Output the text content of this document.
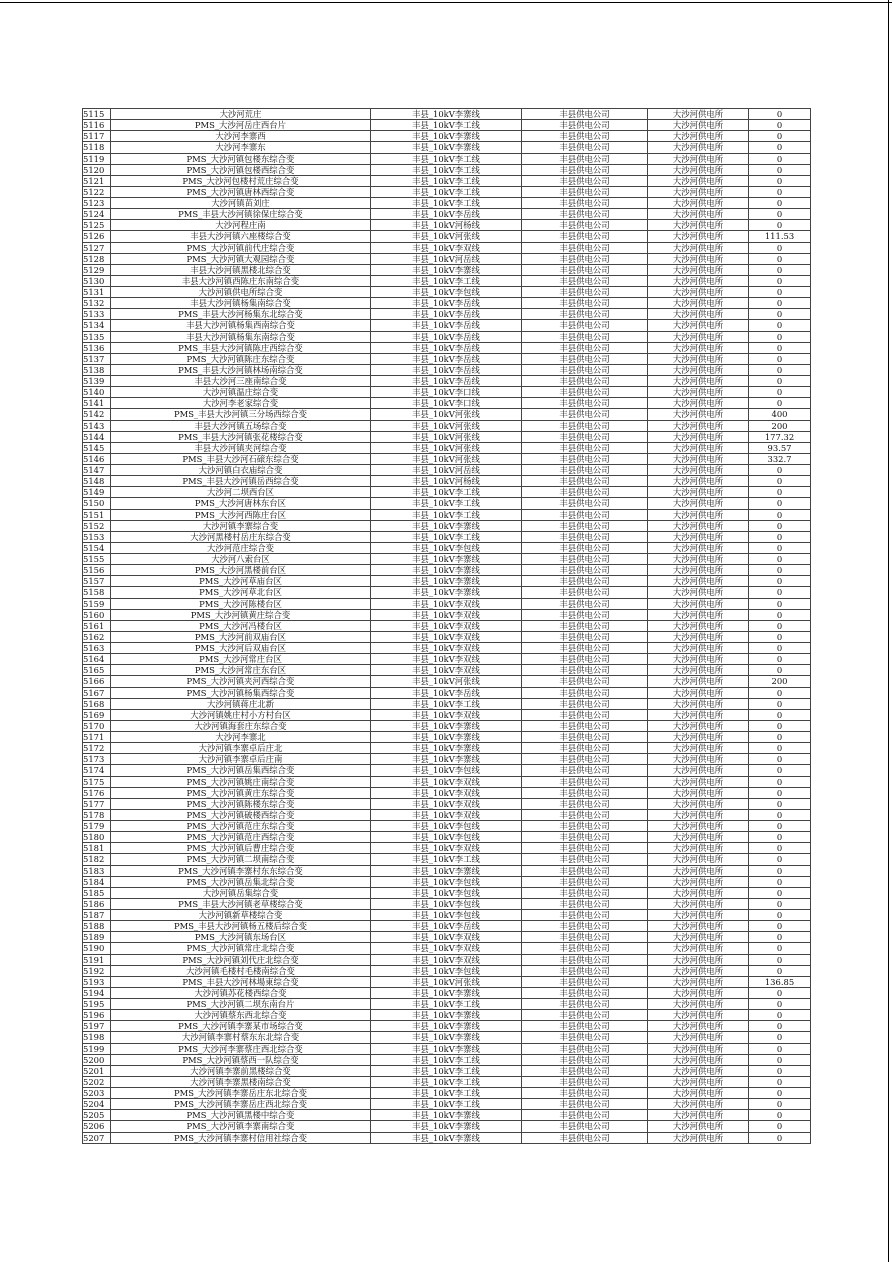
5115	大沙河荒庄	丰县_10kV李寨线	丰县供电公司	大沙河供电所	0
5116	PMS_大沙河岳庄西台片	丰县_10kV李工线	丰县供电公司	大沙河供电所	0
5117	大沙河李寨西	丰县_10kV李寨线	丰县供电公司	大沙河供电所	0
5118	大沙河李寨东	丰县_10kV李寨线	丰县供电公司	大沙河供电所	0
5119	PMS_大沙河镇包楼东综合变	丰县_10kV李工线	丰县供电公司	大沙河供电所	0
5120	PMS_大沙河镇包楼西综合变	丰县_10kV李工线	丰县供电公司	大沙河供电所	0
5121	PMS_大沙河包楼村荒庄综合变	丰县_10kV李工线	丰县供电公司	大沙河供电所	0
5122	PMS_大沙河镇唐林西综合变	丰县_10kV李工线	丰县供电公司	大沙河供电所	0
5123	大沙河镇苗刘庄	丰县_10kV李工线	丰县供电公司	大沙河供电所	0
5124	PMS_丰县大沙河镇徐保庄综合变	丰县_10kV李岳线	丰县供电公司	大沙河供电所	0
5125	大沙河程庄南	丰县_10kV河杨线	丰县供电公司	大沙河供电所	0
5126	丰县大沙河镇六座楼综合变	丰县_10kV河张线	丰县供电公司	大沙河供电所	111.53
5127	PMS_大沙河镇前代庄综合变	丰县_10kV李双线	丰县供电公司	大沙河供电所	0
5128	PMS_大沙河镇大观园综合变	丰县_10kV河岳线	丰县供电公司	大沙河供电所	0
5129	丰县大沙河镇黑楼北综合变	丰县_10kV李寨线	丰县供电公司	大沙河供电所	0
5130	丰县大沙河镇西陈庄东南综合变	丰县_10kV李工线	丰县供电公司	大沙河供电所	0
5131	大沙河镇供电所综合变	丰县_10kV李包线	丰县供电公司	大沙河供电所	0
5132	丰县大沙河镇杨集南综合变	丰县_10kV李岳线	丰县供电公司	大沙河供电所	0
5133	PMS_丰县大沙河杨集东北综合变	丰县_10kV李岳线	丰县供电公司	大沙河供电所	0
5134	丰县大沙河镇杨集西南综合变	丰县_10kV李岳线	丰县供电公司	大沙河供电所	0
5135	丰县大沙河镇杨集东南综合变	丰县_10kV李岳线	丰县供电公司	大沙河供电所	0
5136	PMS_丰县大沙河镇陈庄西综合变	丰县_10kV李岳线	丰县供电公司	大沙河供电所	0
5137	PMS_大沙河镇陈庄东综合变	丰县_10kV李岳线	丰县供电公司	大沙河供电所	0
5138	PMS_丰县大沙河镇林场南综合变	丰县_10kV李岳线	丰县供电公司	大沙河供电所	0
5139	丰县大沙河三座南综合变	丰县_10kV李岳线	丰县供电公司	大沙河供电所	0
5140	大沙河镇温庄综合变	丰县_10kV李口线	丰县供电公司	大沙河供电所	0
5141	大沙河李老家综合变	丰县_10kV李口线	丰县供电公司	大沙河供电所	0
5142	PMS_丰县大沙河镇三分场西综合变	丰县_10kV河张线	丰县供电公司	大沙河供电所	400
5143	丰县大沙河镇五场综合变	丰县_10kV河张线	丰县供电公司	大沙河供电所	200
5144	PMS_丰县大沙河镇张花楼综合变	丰县_10kV河张线	丰县供电公司	大沙河供电所	177.32
5145	丰县大沙河镇夹河综合变	丰县_10kV河张线	丰县供电公司	大沙河供电所	93.57
5146	PMS_丰县大沙河石磙东综合变	丰县_10kV河张线	丰县供电公司	大沙河供电所	332.7
5147	大沙河镇白衣庙综合变	丰县_10kV河岳线	丰县供电公司	大沙河供电所	0
5148	PMS_丰县大沙河镇岳西综合变	丰县_10kV河杨线	丰县供电公司	大沙河供电所	0
5149	大沙河二坝西台区	丰县_10kV李工线	丰县供电公司	大沙河供电所	0
5150	PMS_大沙河唐林东台区	丰县_10kV李工线	丰县供电公司	大沙河供电所	0
5151	PMS_大沙河西陈庄台区	丰县_10kV李工线	丰县供电公司	大沙河供电所	0
5152	大沙河镇李寨综合变	丰县_10kV李寨线	丰县供电公司	大沙河供电所	0
5153	大沙河黑楼村岳庄东综合变	丰县_10kV李工线	丰县供电公司	大沙河供电所	0
5154	大沙河范庄综合变	丰县_10kV李包线	丰县供电公司	大沙河供电所	0
5155	大沙河八索台区	丰县_10kV李寨线	丰县供电公司	大沙河供电所	0
5156	PMS_大沙河黑楼前台区	丰县_10kV李寨线	丰县供电公司	大沙河供电所	0
5157	PMS_大沙河草庙台区	丰县_10kV李寨线	丰县供电公司	大沙河供电所	0
5158	PMS_大沙河草北台区	丰县_10kV李寨线	丰县供电公司	大沙河供电所	0
5159	PMS_大沙河陈楼台区	丰县_10kV李双线	丰县供电公司	大沙河供电所	0
5160	PMS_大沙河镇黄庄综合变	丰县_10kV李双线	丰县供电公司	大沙河供电所	0
5161	PMS_大沙河冯楼台区	丰县_10kV李双线	丰县供电公司	大沙河供电所	0
5162	PMS_大沙河前双庙台区	丰县_10kV李双线	丰县供电公司	大沙河供电所	0
5163	PMS_大沙河后双庙台区	丰县_10kV李双线	丰县供电公司	大沙河供电所	0
5164	PMS_大沙河常庄台区	丰县_10kV李双线	丰县供电公司	大沙河供电所	0
5165	PMS_大沙河常庄东台区	丰县_10kV李双线	丰县供电公司	大沙河供电所	0
5166	PMS_大沙河镇夹河西综合变	丰县_10kV河张线	丰县供电公司	大沙河供电所	200
5167	PMS_大沙河镇杨集西综合变	丰县_10kV李岳线	丰县供电公司	大沙河供电所	0
5168	大沙河镇蒋庄北新	丰县_10kV李工线	丰县供电公司	大沙河供电所	0
5169	大沙河镇姚庄村小方村台区	丰县_10kV李双线	丰县供电公司	大沙河供电所	0
5170	大沙河镇海套庄东综合变	丰县_10kV李寨线	丰县供电公司	大沙河供电所	0
5171	大沙河李寨北	丰县_10kV李寨线	丰县供电公司	大沙河供电所	0
5172	大沙河镇李寨卓后庄北	丰县_10kV李寨线	丰县供电公司	大沙河供电所	0
5173	大沙河镇李寨卓后庄南	丰县_10kV李寨线	丰县供电公司	大沙河供电所	0
5174	PMS_大沙河镇岳集西综合变	丰县_10kV李包线	丰县供电公司	大沙河供电所	0
5175	PMS_大沙河镇姚庄南综合变	丰县_10kV李双线	丰县供电公司	大沙河供电所	0
5176	PMS_大沙河镇黄庄东综合变	丰县_10kV李双线	丰县供电公司	大沙河供电所	0
5177	PMS_大沙河镇陈楼东综合变	丰县_10kV李双线	丰县供电公司	大沙河供电所	0
5178	PMS_大沙河镇破楼西综合变	丰县_10kV李双线	丰县供电公司	大沙河供电所	0
5179	PMS_大沙河镇范庄东综合变	丰县_10kV李包线	丰县供电公司	大沙河供电所	0
5180	PMS_大沙河镇范庄西综合变	丰县_10kV李包线	丰县供电公司	大沙河供电所	0
5181	PMS_大沙河镇后曹庄综合变	丰县_10kV李双线	丰县供电公司	大沙河供电所	0
5182	PMS_大沙河镇二坝南综合变	丰县_10kV李工线	丰县供电公司	大沙河供电所	0
5183	PMS_大沙河镇李寨村东东综合变	丰县_10kV李寨线	丰县供电公司	大沙河供电所	0
5184	PMS_大沙河镇岳集北综合变	丰县_10kV李包线	丰县供电公司	大沙河供电所	0
5185	大沙河镇岳集综合变	丰县_10kV李包线	丰县供电公司	大沙河供电所	0
5186	PMS_丰县大沙河镇老草楼综合变	丰县_10kV李包线	丰县供电公司	大沙河供电所	0
5187	大沙河镇新草楼综合变	丰县_10kV李包线	丰县供电公司	大沙河供电所	0
5188	PMS_丰县大沙河镇杨五楼后综合变	丰县_10kV李岳线	丰县供电公司	大沙河供电所	0
5189	PMS_大沙河镇东场台区	丰县_10kV李双线	丰县供电公司	大沙河供电所	0
5190	PMS_大沙河镇常庄北综合变	丰县_10kV李双线	丰县供电公司	大沙河供电所	0
5191	PMS_大沙河镇刘代庄北综合变	丰县_10kV李双线	丰县供电公司	大沙河供电所	0
5192	大沙河镇毛楼村毛楼南综合变	丰县_10kV李包线	丰县供电公司	大沙河供电所	0
5193	PMS_丰县大沙河林場東综合变	丰县_10kV河张线	丰县供电公司	大沙河供电所	136.85
5194	大沙河镇苏花楼西综合变	丰县_10kV李寨线	丰县供电公司	大沙河供电所	0
5195	PMS_大沙河镇二坝东南台片	丰县_10kV李工线	丰县供电公司	大沙河供电所	0
5196	大沙河镇蔡东西北综合变	丰县_10kV李寨线	丰县供电公司	大沙河供电所	0
5197	PMS_大沙河镇李寨某市场综合变	丰县_10kV李寨线	丰县供电公司	大沙河供电所	0
5198	大沙河镇李寨村蔡东东北综合变	丰县_10kV李寨线	丰县供电公司	大沙河供电所	0
5199	PMS_大沙河李寨蔡庄西北综合变	丰县_10kV李寨线	丰县供电公司	大沙河供电所	0
5200	PMS_大沙河镇蔡西一队综合变	丰县_10kV李工线	丰县供电公司	大沙河供电所	0
5201	大沙河镇李寨前黑楼综合变	丰县_10kV李工线	丰县供电公司	大沙河供电所	0
5202	大沙河镇李寨黑楼南综合变	丰县_10kV李工线	丰县供电公司	大沙河供电所	0
5203	PMS_大沙河镇李寨岳庄东北综合变	丰县_10kV李工线	丰县供电公司	大沙河供电所	0
5204	PMS_大沙河镇李寨岳庄西北综合变	丰县_10kV李工线	丰县供电公司	大沙河供电所	0
5205	PMS_大沙河镇黑楼中综合变	丰县_10kV李寨线	丰县供电公司	大沙河供电所	0
5206	PMS_大沙河镇李寨南综合变	丰县_10kV李寨线	丰县供电公司	大沙河供电所	0
5207	PMS_大沙河镇李寨村信用社综合变	丰县_10kV李寨线	丰县供电公司	大沙河供电所	0
